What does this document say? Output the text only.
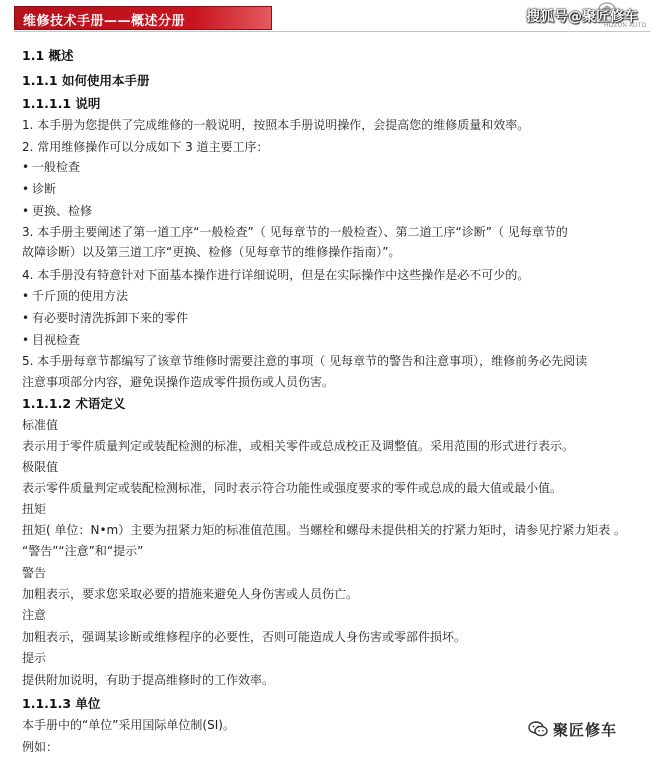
维修技术手册——概述分册	搜狐号@聚匠修车
HOZON AUTO
1.1 概述
1.1.1 如何使用本手册
1.1.1.1 说明
1. 本手册为您提供了完成维修的一般说明，按照本手册说明操作，会提高您的维修质量和效率。
2. 常用维修操作可以分成如下 3 道主要工序：
• 一般检查
• 诊断
• 更换、检修
3. 本手册主要阐述了第一道工序“一般检查”（ 见每章节的一般检查）、第二道工序“诊断”（ 见每章节的
故障诊断）以及第三道工序“更换、检修（见每章节的维修操作指南）”。
4. 本手册没有特意针对下面基本操作进行详细说明，但是在实际操作中这些操作是必不可少的。
• 千斤顶的使用方法
• 有必要时清洗拆卸下来的零件
• 目视检查
5. 本手册每章节都编写了该章节维修时需要注意的事项（ 见每章节的警告和注意事项），维修前务必先阅读
注意事项部分内容，避免误操作造成零件损伤或人员伤害。
1.1.1.2 术语定义
标准值
表示用于零件质量判定或装配检测的标准，或相关零件或总成校正及调整值。采用范围的形式进行表示。
极限值
表示零件质量判定或装配检测标准，同时表示符合功能性或强度要求的零件或总成的最大值或最小值。
扭矩
扭矩( 单位：N•m）主要为扭紧力矩的标准值范围。当螺栓和螺母未提供相关的拧紧力矩时，请参见拧紧力矩表 。
“警告”“注意”和“提示”
警告
加粗表示，要求您采取必要的措施来避免人身伤害或人员伤亡。
注意
加粗表示，强调某诊断或维修程序的必要性，否则可能造成人身伤害或零部件损坏。
提示
提供附加说明，有助于提高维修时的工作效率。
1.1.1.3 单位
本手册中的“单位”采用国际单位制(SI)。
例如：
聚匠修车
